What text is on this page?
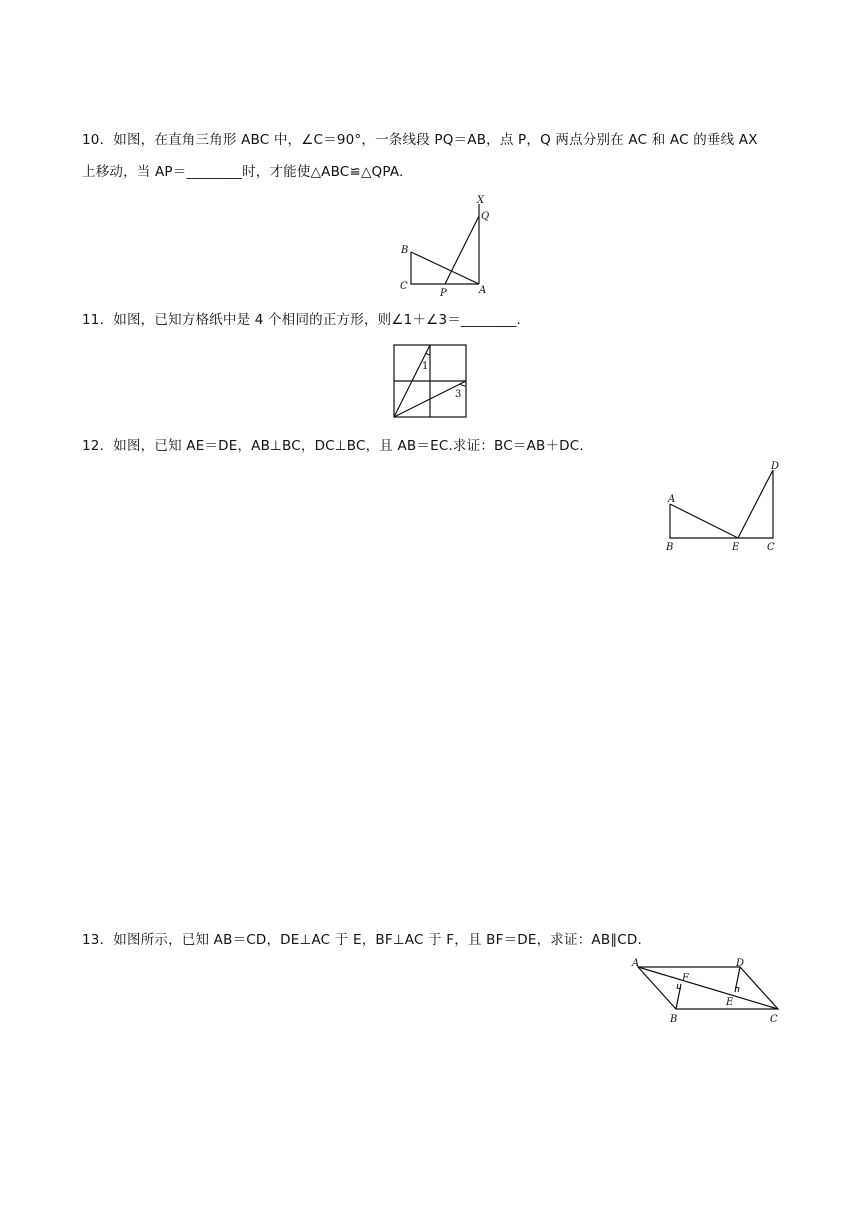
10．如图，在直角三角形 ABC 中，∠C＝90°，一条线段 PQ＝AB，点 P，Q 两点分别在 AC 和 AC 的垂线 AX

上移动，当 AP＝________时，才能使△ABC≌△QPA.

X
Q
B
C
P	A

11．如图，已知方格纸中是 4 个相同的正方形，则∠1＋∠3＝________.

1
3

12．如图，已知 AE＝DE，AB⊥BC，DC⊥BC，且 AB＝EC.求证：BC＝AB＋DC.

A
B	E	C
D

13．如图所示，已知 AB＝CD，DE⊥AC 于 E，BF⊥AC 于 F，且 BF＝DE，求证：AB∥CD.

A	D
F
E
B	C
